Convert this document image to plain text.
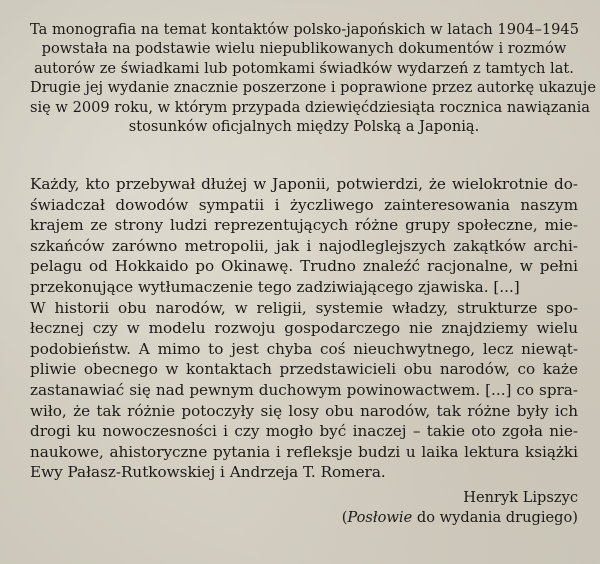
Ta monografia na temat kontaktów polsko-japońskich w latach 1904–1945
powstała na podstawie wielu niepublikowanych dokumentów i rozmów
autorów ze świadkami lub potomkami świadków wydarzeń z tamtych lat.
Drugie jej wydanie znacznie poszerzone i poprawione przez autorkę ukazuje
się w 2009 roku, w którym przypada dziewięćdziesiąta rocznica nawiązania
stosunków oficjalnych między Polską a Japonią.
Każdy, kto przebywał dłużej w Japonii, potwierdzi, że wielokrotnie do-
świadczał dowodów sympatii i życzliwego zainteresowania naszym
krajem ze strony ludzi reprezentujących różne grupy społeczne, mie-
szkańców zarówno metropolii, jak i najodleglejszych zakątków archi-
pelagu od Hokkaido po Okinawę. Trudno znaleźć racjonalne, w pełni
przekonujące wytłumaczenie tego zadziwiającego zjawiska. [...]
W historii obu narodów, w religii, systemie władzy, strukturze spo-
łecznej czy w modelu rozwoju gospodarczego nie znajdziemy wielu
podobieństw. A mimo to jest chyba coś nieuchwytnego, lecz niewąt-
pliwie obecnego w kontaktach przedstawicieli obu narodów, co każe
zastanawiać się nad pewnym duchowym powinowactwem. [...] co spra-
wiło, że tak różnie potoczyły się losy obu narodów, tak różne były ich
drogi ku nowoczesności i czy mogło być inaczej – takie oto zgoła nie-
naukowe, ahistoryczne pytania i refleksje budzi u laika lektura książki
Ewy Pałasz-Rutkowskiej i Andrzeja T. Romera.
Henryk Lipszyc
(Posłowie do wydania drugiego)
